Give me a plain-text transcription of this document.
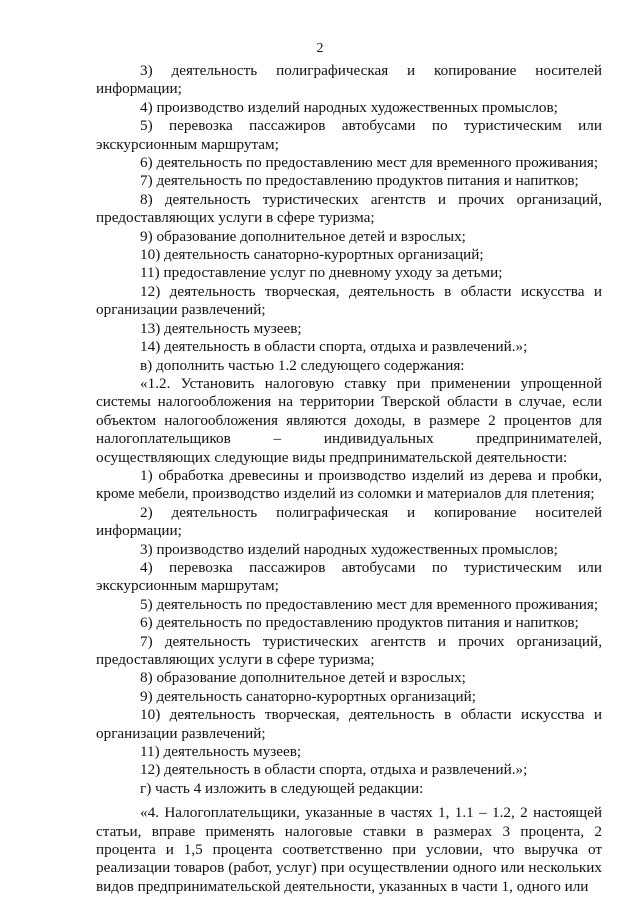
2

3) деятельность полиграфическая и копирование носителей информации;

4) производство изделий народных художественных промыслов;

5) перевозка пассажиров автобусами по туристическим или экскурсионным маршрутам;

6) деятельность по предоставлению мест для временного проживания;

7) деятельность по предоставлению продуктов питания и напитков;

8) деятельность туристических агентств и прочих организаций, предоставляющих услуги в сфере туризма;

9) образование дополнительное детей и взрослых;

10) деятельность санаторно-курортных организаций;

11) предоставление услуг по дневному уходу за детьми;

12) деятельность творческая, деятельность в области искусства и организации развлечений;

13) деятельность музеев;

14) деятельность в области спорта, отдыха и развлечений.»;

в) дополнить частью 1.2 следующего содержания:

«1.2. Установить налоговую ставку при применении упрощенной системы налогообложения на территории Тверской области в случае, если объектом налогообложения являются доходы, в размере 2 процентов для налогоплательщиков – индивидуальных предпринимателей, осуществляющих следующие виды предпринимательской деятельности:

1) обработка древесины и производство изделий из дерева и пробки, кроме мебели, производство изделий из соломки и материалов для плетения;

2) деятельность полиграфическая и копирование носителей информации;

3) производство изделий народных художественных промыслов;

4) перевозка пассажиров автобусами по туристическим или экскурсионным маршрутам;

5) деятельность по предоставлению мест для временного проживания;

6) деятельность по предоставлению продуктов питания и напитков;

7) деятельность туристических агентств и прочих организаций, предоставляющих услуги в сфере туризма;

8) образование дополнительное детей и взрослых;

9) деятельность санаторно-курортных организаций;

10) деятельность творческая, деятельность в области искусства и организации развлечений;

11) деятельность музеев;

12) деятельность в области спорта, отдыха и развлечений.»;

г) часть 4 изложить в следующей редакции:

«4. Налогоплательщики, указанные в частях 1, 1.1 – 1.2, 2 настоящей статьи, вправе применять налоговые ставки в размерах 3 процента, 2 процента и 1,5 процента соответственно при условии, что выручка от реализации товаров (работ, услуг) при осуществлении одного или нескольких видов предпринимательской деятельности, указанных в части 1, одного или
